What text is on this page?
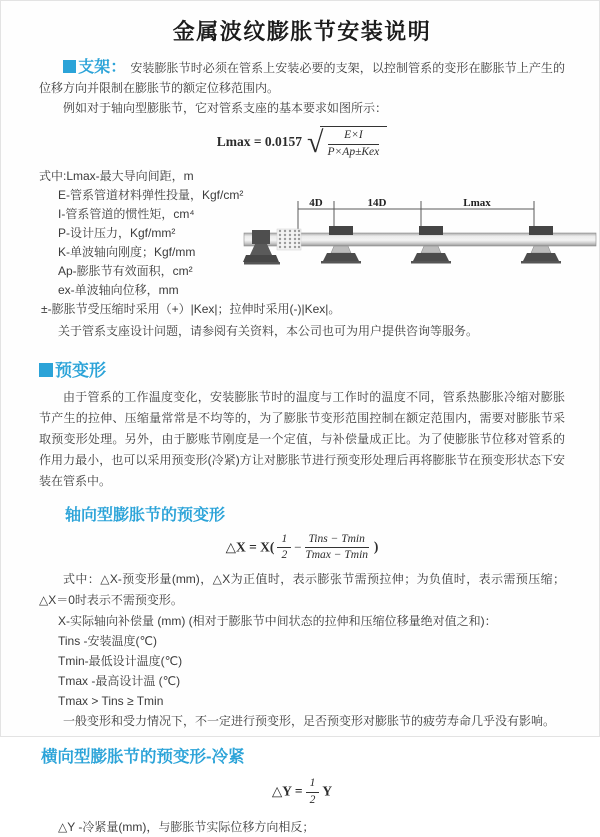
金属波纹膨胀节安装说明

支架： 安装膨胀节时必须在管系上安装必要的支架，以控制管系的变形在膨胀节上产生的位移方向并限制在膨胀节的额定位移范围内。

例如对于轴向型膨胀节，它对管系支座的基本要求如图所示：

Lmax = 0.0157 √ $\frac{E\times I}{\text{P×Ap±Kex}}$
式中:Lmax-最大导向间距，m
E-管系管道材料弹性投量，Kgf/cm²
I-管系管道的惯性矩，cm⁴
P-设计压力，Kgf/mm²
K-单波轴向刚度；Kgf/mm
Ap-膨胀节有效面积，cm²
ex-单波轴向位移，mm
4D	14D	Lmax

±-膨胀节受压缩时采用（+）|Kex|；拉伸时采用(-)|Kex|。

关于管系支座设计问题，请参阅有关资料，本公司也可为用户提供咨询等服务。

预变形

由于管系的工作温度变化，安装膨胀节时的温度与工作时的温度不同，管系热膨胀冷缩对膨胀节产生的拉伸、压缩量常常是不均等的，为了膨胀节变形范围控制在额定范围内，需要对膨胀节采取预变形处理。另外，由于膨账节刚度是一个定值，与补偿量成正比。为了使膨胀节位移对管系的作用力最小，也可以采用预变形(冷紧)方让对膨胀节进行预变形处理后再将膨胀节在预变形状态下安装在管系中。

轴向型膨胀节的预变形
△X = $X( \frac{1}{2} - \frac{\text{Tins − Tmin}}{Tmax - Tmin}$ )

式中：△X-预变形量(mm)，△X为正值时，表示膨张节需预拉伸；为负值时，表示需预压缩；△X＝0时表示不需预变形。

X-实际轴向补偿量 (mm) (相对于膨胀节中间状态的拉伸和压缩位移量绝对值之和)：

Tins -安装温度(℃)

Tmin-最低设计温度(℃)

Tmax -最高设计温 (℃)

Tmax > Tins ≥ Tmin

一般变形和受力情况下，不一定进行预变形，足否预变形对膨胀节的疲劳寿命几乎没有影响。

横向型膨胀节的预变形-冷紧
△Y = $\frac{1}{2}$ Y

△Y -冷紧量(mm)，与膨胀节实际位移方向相反；
